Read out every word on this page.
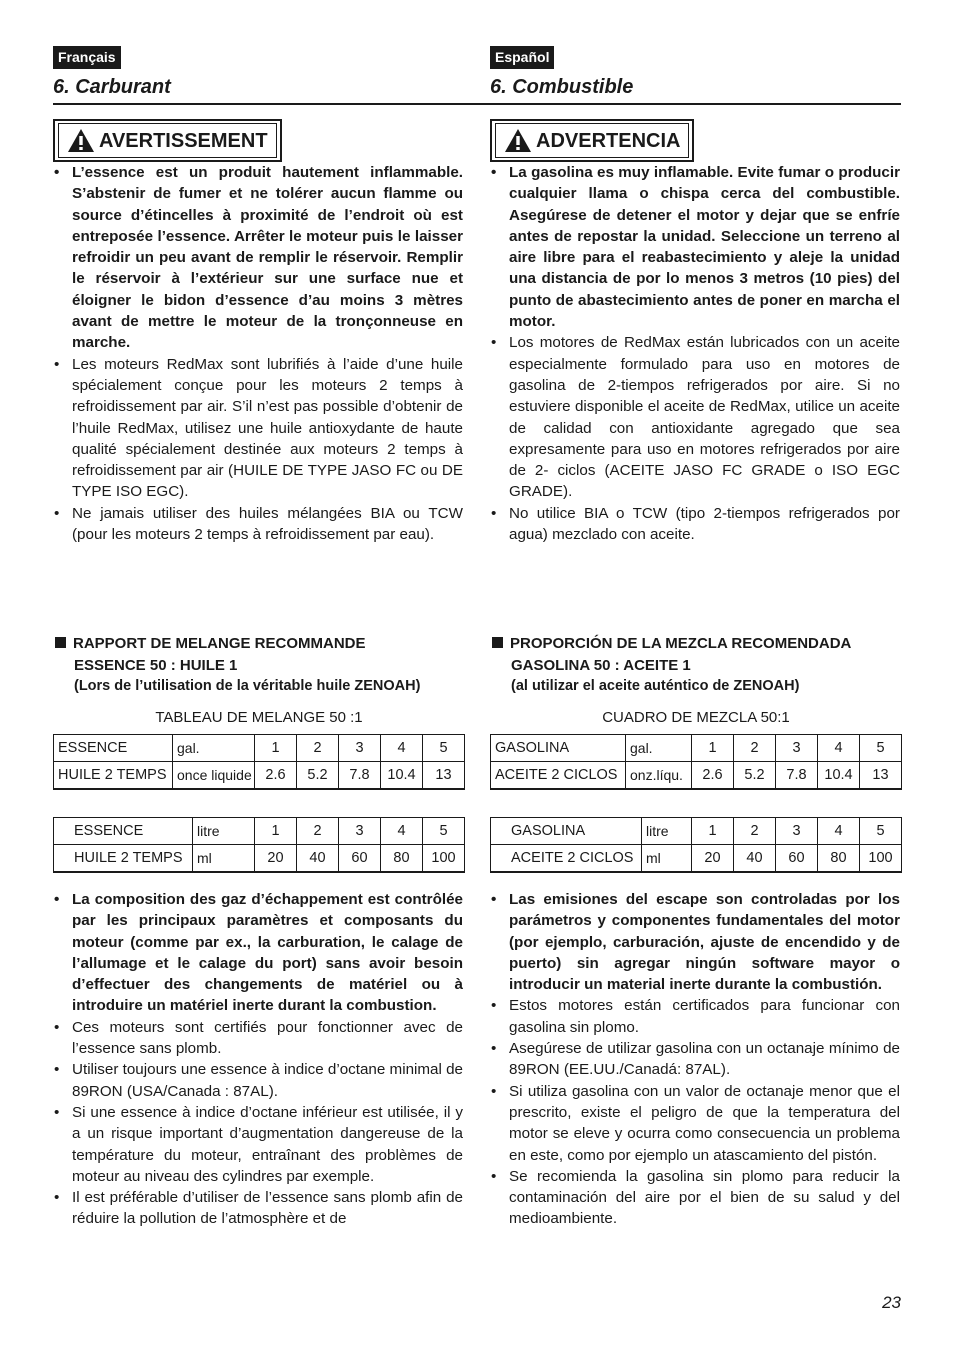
Français
6. Carburant
AVERTISSEMENT
• L’essence est un produit hautement inflammable. S’abstenir de fumer et ne tolérer aucun flamme ou source d’étincelles à proximité de l’endroit où est entreposée l’essence. Arrêter le moteur puis le laisser refroidir un peu avant de remplir le réservoir. Remplir le réservoir à l’extérieur sur une surface nue et éloigner le bidon d’essence d’au moins 3 mètres avant de mettre le moteur de la tronçonneuse en marche.
• Les moteurs RedMax sont lubrifiés à l’aide d’une huile spécialement conçue pour les moteurs 2 temps à refroidissement par air. S’il n’est pas possible d’obtenir de l’huile RedMax, utilisez une huile antioxydante de haute qualité spécialement destinée aux moteurs 2 temps à refroidissement par air (HUILE DE TYPE JASO FC ou DE TYPE ISO EGC).
• Ne jamais utiliser des huiles mélangées BIA ou TCW (pour les moteurs 2 temps à refroidissement par eau).
RAPPORT DE MELANGE RECOMMANDE
ESSENCE 50 : HUILE 1
(Lors de l’utilisation de la véritable huile ZENOAH)
TABLEAU DE MELANGE 50 :1
ESSENCE	gal.	1	2	3	4	5
HUILE 2 TEMPS	once liquide	2.6	5.2	7.8	10.4	13
ESSENCE	litre	1	2	3	4	5
HUILE 2 TEMPS	ml	20	40	60	80	100
• La composition des gaz d’échappement est contrôlée par les principaux paramètres et composants du moteur (comme par ex., la carburation, le calage de l’allumage et le calage du port) sans avoir besoin d’effectuer des changements de matériel ou à introduire un matériel inerte durant la combustion.
• Ces moteurs sont certifiés pour fonctionner avec de l’essence sans plomb.
• Utiliser toujours une essence à indice d’octane minimal de 89RON (USA/Canada : 87AL).
• Si une essence à indice d’octane inférieur est utilisée, il y a un risque important d’augmentation dangereuse de la température du moteur, entraînant des problèmes de moteur au niveau des cylindres par exemple.
• Il est préférable d’utiliser de l’essence sans plomb afin de réduire la pollution de l’atmosphère et de
Español
6. Combustible
ADVERTENCIA
• La gasolina es muy inflamable. Evite fumar o producir cualquier llama o chispa cerca del combustible. Asegúrese de detener el motor y dejar que se enfríe antes de repostar la unidad. Seleccione un terreno al aire libre para el reabastecimiento y aleje la unidad una distancia de por lo menos 3 metros (10 pies) del punto de abastecimiento antes de poner en marcha el motor.
• Los motores de RedMax están lubricados con un aceite especialmente formulado para uso en motores de gasolina de 2-tiempos refrigerados por aire. Si no estuviere disponible el aceite de RedMax, utilice un aceite de calidad con antioxidante agregado que sea expresamente para uso en motores refrigerados por aire de 2- ciclos (ACEITE JASO FC GRADE o ISO EGC GRADE).
• No utilice BIA o TCW (tipo 2-tiempos refrigerados por agua) mezclado con aceite.
PROPORCIÓN DE LA MEZCLA RECOMENDADA
GASOLINA 50 : ACEITE 1
(al utilizar el aceite auténtico de ZENOAH)
CUADRO DE MEZCLA 50:1
GASOLINA	gal.	1	2	3	4	5
ACEITE 2 CICLOS	onz.líqu.	2.6	5.2	7.8	10.4	13
GASOLINA	litre	1	2	3	4	5
ACEITE 2 CICLOS	ml	20	40	60	80	100
• Las emisiones del escape son controladas por los parámetros y componentes fundamentales del motor (por ejemplo, carburación, ajuste de encendido y de puerto) sin agregar ningún software mayor o introducir un material inerte durante la combustión.
• Estos motores están certificados para funcionar con gasolina sin plomo.
• Asegúrese de utilizar gasolina con un octanaje mínimo de 89RON (EE.UU./Canadá: 87AL).
• Si utiliza gasolina con un valor de octanaje menor que el prescrito, existe el peligro de que la temperatura del motor se eleve y ocurra como consecuencia un problema en este, como por ejemplo un atascamiento del pistón.
• Se recomienda la gasolina sin plomo para reducir la contaminación del aire por el bien de su salud y del medioambiente.
23
